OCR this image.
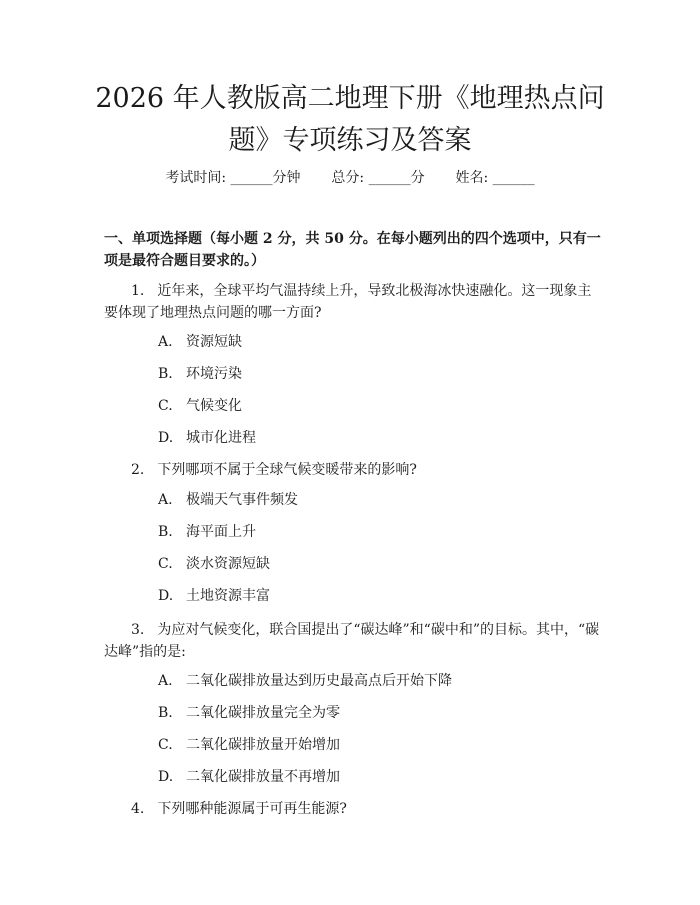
2026 年人教版高二地理下册《地理热点问
题》专项练习及答案
考试时间: ______分钟 总分: ______分 姓名: ______

一、单项选择题（每小题 2 分，共 50 分。在每小题列出的四个选项中，只有一项是最符合题目要求的。）

1. 近年来，全球平均气温持续上升，导致北极海冰快速融化。这一现象主要体现了地理热点问题的哪一方面?

A. 资源短缺
B. 环境污染
C. 气候变化
D. 城市化进程

2. 下列哪项不属于全球气候变暖带来的影响?

A. 极端天气事件频发
B. 海平面上升
C. 淡水资源短缺
D. 土地资源丰富

3. 为应对气候变化，联合国提出了“碳达峰”和“碳中和”的目标。其中，“碳达峰”指的是:

A. 二氧化碳排放量达到历史最高点后开始下降
B. 二氧化碳排放量完全为零
C. 二氧化碳排放量开始增加
D. 二氧化碳排放量不再增加

4. 下列哪种能源属于可再生能源?
